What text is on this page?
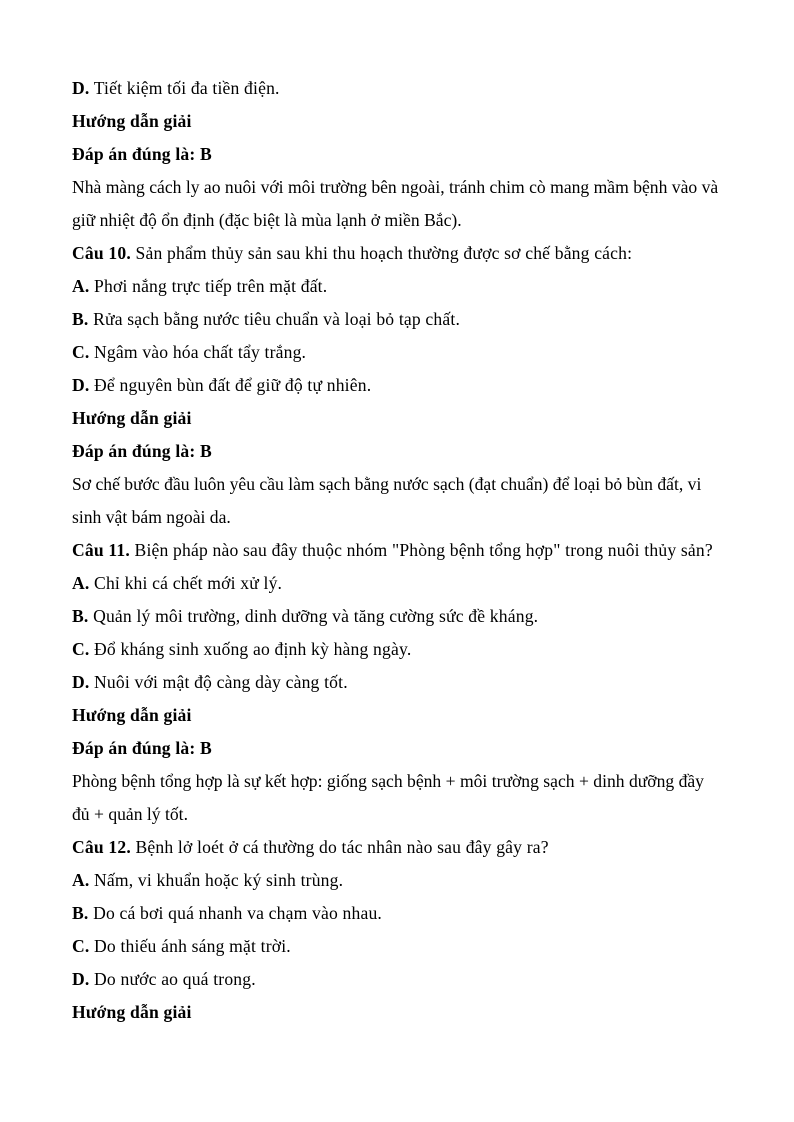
D. Tiết kiệm tối đa tiền điện.
Hướng dẫn giải
Đáp án đúng là: B
Nhà màng cách ly ao nuôi với môi trường bên ngoài, tránh chim cò mang mầm bệnh vào và giữ nhiệt độ ổn định (đặc biệt là mùa lạnh ở miền Bắc).
Câu 10. Sản phẩm thủy sản sau khi thu hoạch thường được sơ chế bằng cách:
A. Phơi nắng trực tiếp trên mặt đất.
B. Rửa sạch bằng nước tiêu chuẩn và loại bỏ tạp chất.
C. Ngâm vào hóa chất tẩy trắng.
D. Để nguyên bùn đất để giữ độ tự nhiên.
Hướng dẫn giải
Đáp án đúng là: B
Sơ chế bước đầu luôn yêu cầu làm sạch bằng nước sạch (đạt chuẩn) để loại bỏ bùn đất, vi sinh vật bám ngoài da.
Câu 11. Biện pháp nào sau đây thuộc nhóm "Phòng bệnh tổng hợp" trong nuôi thủy sản?
A. Chỉ khi cá chết mới xử lý.
B. Quản lý môi trường, dinh dưỡng và tăng cường sức đề kháng.
C. Đổ kháng sinh xuống ao định kỳ hàng ngày.
D. Nuôi với mật độ càng dày càng tốt.
Hướng dẫn giải
Đáp án đúng là: B
Phòng bệnh tổng hợp là sự kết hợp: giống sạch bệnh + môi trường sạch + dinh dưỡng đầy đủ + quản lý tốt.
Câu 12. Bệnh lở loét ở cá thường do tác nhân nào sau đây gây ra?
A. Nấm, vi khuẩn hoặc ký sinh trùng.
B. Do cá bơi quá nhanh va chạm vào nhau.
C. Do thiếu ánh sáng mặt trời.
D. Do nước ao quá trong.
Hướng dẫn giải
